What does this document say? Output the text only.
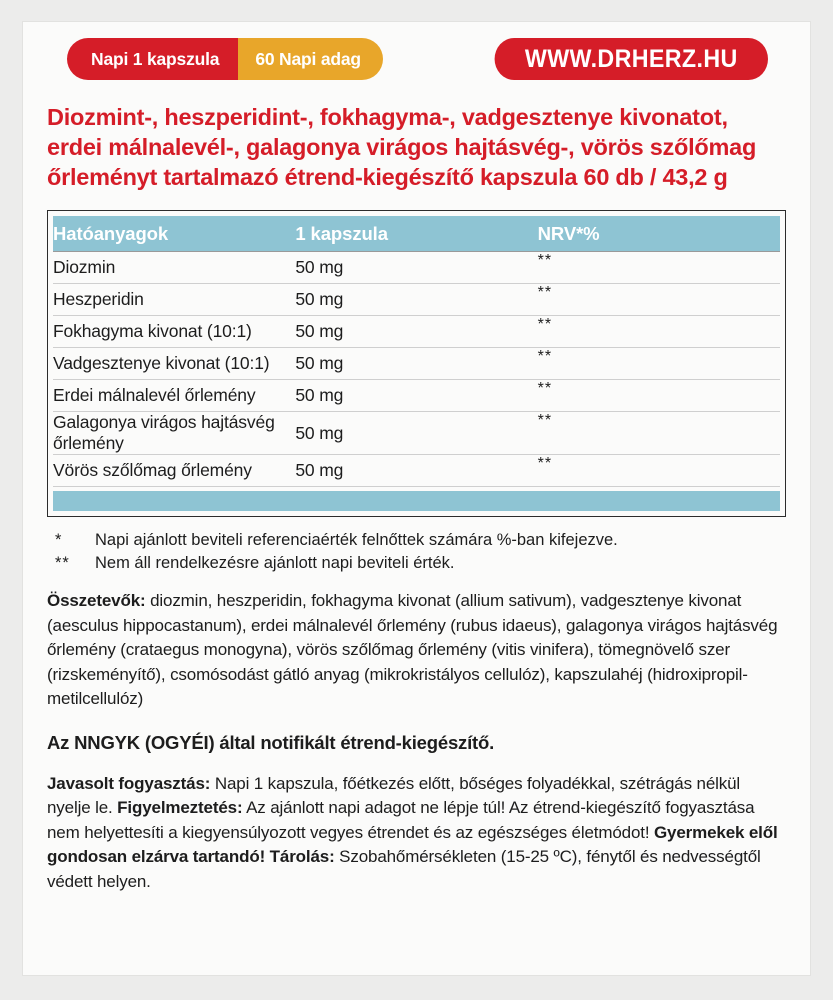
Napi 1 kapszula	60 Napi adag	WWW.DRHERZ.HU
Diozmint-, heszperidint-, fokhagyma-, vadgesztenye kivonatot, erdei málnalevél-, galagonya virágos hajtásvég-, vörös szőlőmag őrleményt tartalmazó étrend-kiegészítő kapszula 60 db / 43,2 g
Hatóanyagok	1 kapszula	NRV*%
Diozmin	50 mg	**
Heszperidin	50 mg	**
Fokhagyma kivonat (10:1)	50 mg	**
Vadgesztenye kivonat (10:1)	50 mg	**
Erdei málnalevél őrlemény	50 mg	**
Galagonya virágos hajtásvég őrlemény	50 mg	**
Vörös szőlőmag őrlemény	50 mg	**
*	Napi ajánlott beviteli referenciaérték felnőttek számára %-ban kifejezve.
**	Nem áll rendelkezésre ajánlott napi beviteli érték.
Összetevők: diozmin, heszperidin, fokhagyma kivonat (allium sativum), vadgesztenye kivonat (aesculus hippocastanum), erdei málnalevél őrlemény (rubus idaeus), galagonya virágos hajtásvég őrlemény (crataegus monogyna), vörös szőlőmag őrlemény (vitis vinifera), tömegnövelő szer (rizskeményítő), csomósodást gátló anyag (mikrokristályos cellulóz), kapszulahéj (hidroxipropil-metilcellulóz)
Az NNGYK (OGYÉI) által notifikált étrend-kiegészítő.
Javasolt fogyasztás: Napi 1 kapszula, főétkezés előtt, bőséges folyadékkal, szétrágás nélkül nyelje le. Figyelmeztetés: Az ajánlott napi adagot ne lépje túl! Az étrend-kiegészítő fogyasztása nem helyettesíti a kiegyensúlyozott vegyes étrendet és az egészséges életmódot! Gyermekek elől gondosan elzárva tartandó! Tárolás: Szobahőmérsékleten (15-25 ºC), fénytől és nedvességtől védett helyen.
